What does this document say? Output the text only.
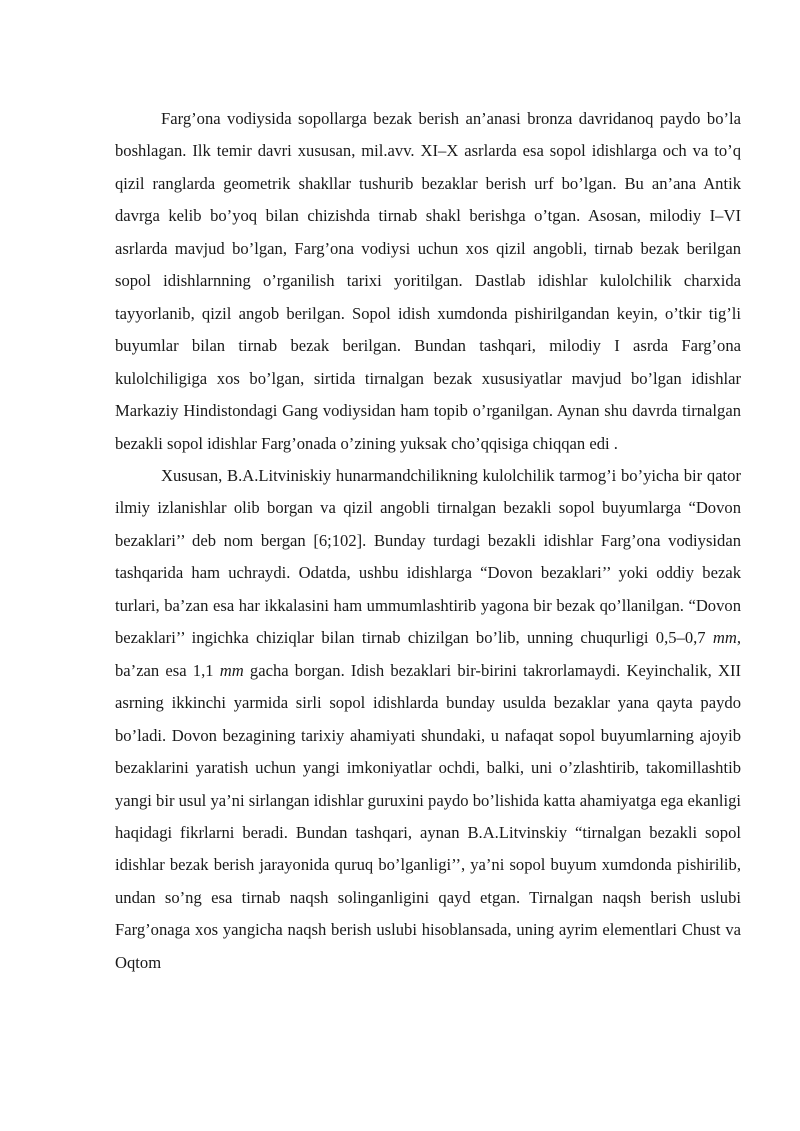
Farg’ona vodiysida sopollarga bezak berish an’anasi bronza davridanoq paydo bo’la boshlagan. Ilk temir davri xususan, mil.avv. XI–X asrlarda esa sopol idishlarga och va to’q qizil ranglarda geometrik shakllar tushurib bezaklar berish urf bo’lgan. Bu an’ana Antik davrga kelib bo’yoq bilan chizishda tirnab shakl berishga o’tgan. Asosan, milodiy I–VI asrlarda mavjud bo’lgan, Farg’ona vodiysi uchun xos qizil angobli, tirnab bezak berilgan sopol idishlarnning o’rganilish tarixi yoritilgan. Dastlab idishlar kulolchilik charxida tayyorlanib, qizil angob berilgan. Sopol idish xumdonda pishirilgandan keyin, o’tkir tig’li buyumlar bilan tirnab bezak berilgan. Bundan tashqari, milodiy I asrda Farg’ona kulolchiligiga xos bo’lgan, sirtida tirnalgan bezak xususiyatlar mavjud bo’lgan idishlar Markaziy Hindistondagi Gang vodiysidan ham topib o’rganilgan. Aynan shu davrda tirnalgan bezakli sopol idishlar Farg’onada o’zining yuksak cho’qqisiga chiqqan edi .

Xususan, B.A.Litviniskiy hunarmandchilikning kulolchilik tarmog’i bo’yicha bir qator ilmiy izlanishlar olib borgan va qizil angobli tirnalgan bezakli sopol buyumlarga “Dovon bezaklari’’ deb nom bergan [6;102]. Bunday turdagi bezakli idishlar Farg’ona vodiysidan tashqarida ham uchraydi. Odatda, ushbu idishlarga “Dovon bezaklari’’ yoki oddiy bezak turlari, ba’zan esa har ikkalasini ham ummumlashtirib yagona bir bezak qo’llanilgan. “Dovon bezaklari’’ ingichka chiziqlar bilan tirnab chizilgan bo’lib, unning chuqurligi 0,5–0,7 mm, ba’zan esa 1,1 mm gacha borgan. Idish bezaklari bir-birini takrorlamaydi. Keyinchalik, XII asrning ikkinchi yarmida sirli sopol idishlarda bunday usulda bezaklar yana qayta paydo bo’ladi. Dovon bezagining tarixiy ahamiyati shundaki, u nafaqat sopol buyumlarning ajoyib bezaklarini yaratish uchun yangi imkoniyatlar ochdi, balki, uni o’zlashtirib, takomillashtib yangi bir usul ya’ni sirlangan idishlar guruxini paydo bo’lishida katta ahamiyatga ega ekanligi haqidagi fikrlarni beradi. Bundan tashqari, aynan B.A.Litvinskiy “tirnalgan bezakli sopol idishlar bezak berish jarayonida quruq bo’lganligi’’, ya’ni sopol buyum xumdonda pishirilib, undan so’ng esa tirnab naqsh solinganligini qayd etgan. Tirnalgan naqsh berish uslubi Farg’onaga xos yangicha naqsh berish uslubi hisoblansada, uning ayrim elementlari Chust va Oqtom
